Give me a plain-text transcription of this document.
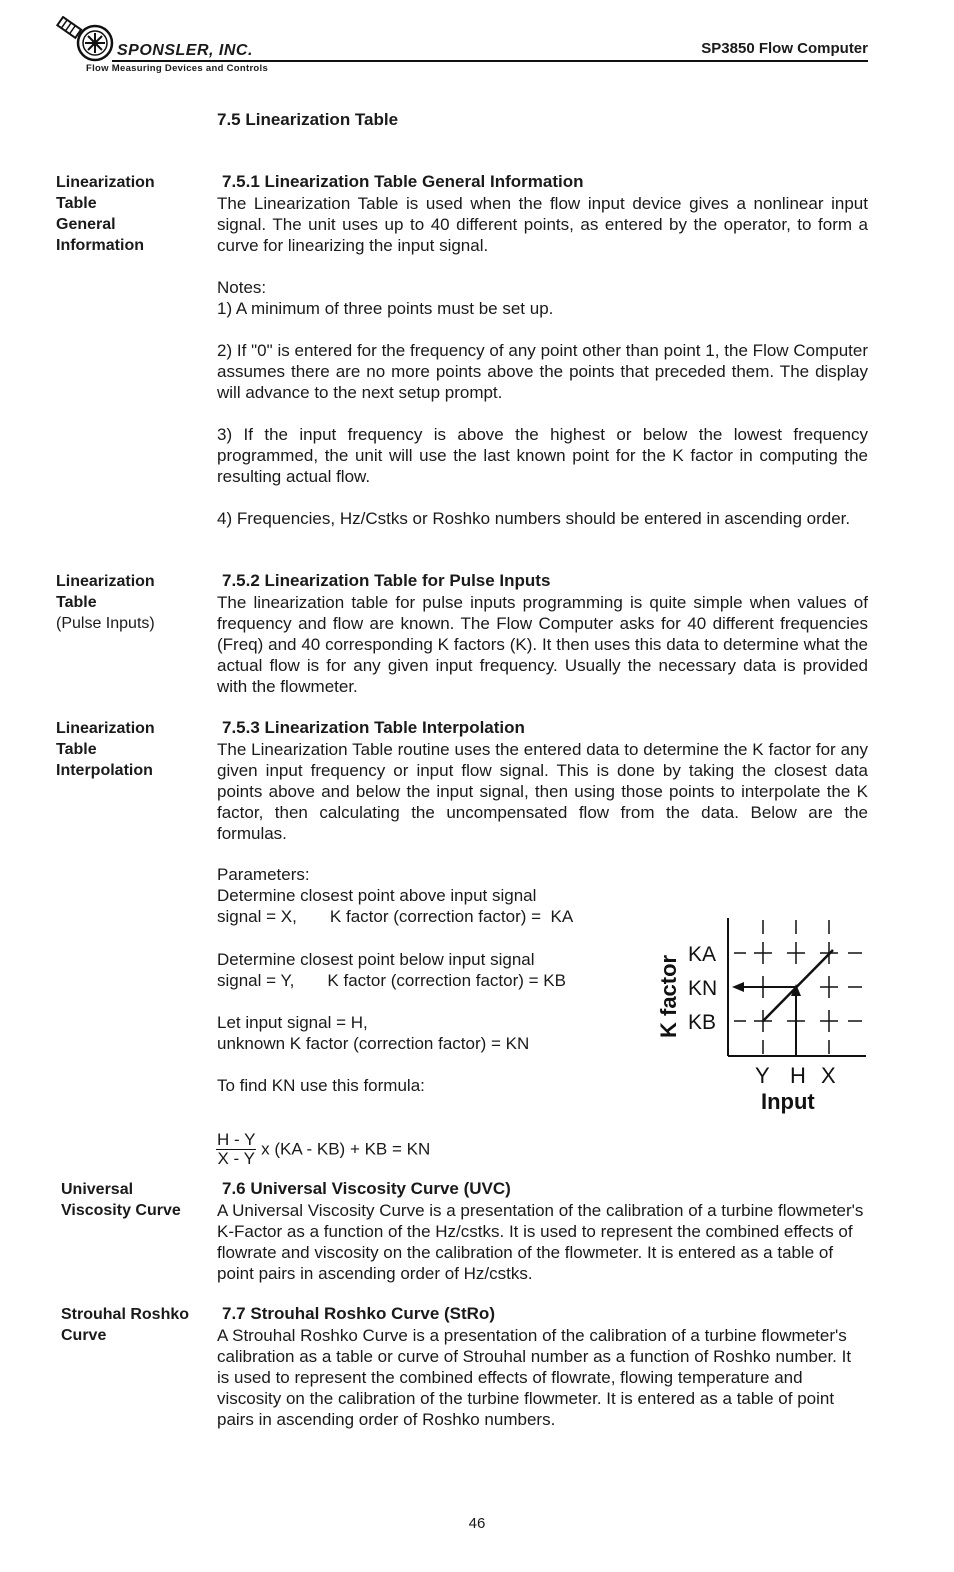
SPONSLER, INC.
Flow Measuring Devices and Controls
SP3850 Flow Computer
7.5 Linearization Table
Linearization
Table
General
Information
7.5.1 Linearization Table General Information

The Linearization Table is used when the flow input device gives a nonlinear input signal. The unit uses up to 40 different points, as entered by the operator, to form a curve for linearizing the input signal.

Notes:

1) A minimum of three points must be set up.

2) If "0" is entered for the frequency of any point other than point 1, the Flow Computer assumes there are no more points above the points that preceded them. The display will advance to the next setup prompt.
3) If the input frequency is above the highest or below the lowest frequency programmed, the unit will use the last known point for the K factor in computing the resulting actual flow.
4) Frequencies, Hz/Cstks or Roshko numbers should be entered in ascending order.
Linearization
Table
(Pulse Inputs)
7.5.2 Linearization Table for Pulse Inputs
The linearization table for pulse inputs programming is quite simple when values of frequency and flow are known. The Flow Computer asks for 40 different frequencies (Freq) and 40 corresponding K factors (K). It then uses this data to determine what the actual flow is for any given input frequency. Usually the necessary data is provided with the flowmeter.
Linearization
Table
Interpolation
7.5.3 Linearization Table Interpolation
The Linearization Table routine uses the entered data to determine the K factor for any given input frequency or input flow signal. This is done by taking the closest data points above and below the input signal, then using those points to interpolate the K factor, then calculating the uncompensated flow from the data. Below are the formulas.
Parameters:
Determine closest point above input signal
signal = X,       K factor (correction factor) =  KA
Determine closest point below input signal
signal = Y,       K factor (correction factor) = KB
Let input signal = H,
unknown K factor (correction factor) = KN
To find KN use this formula:
$\frac{H - Y}{X - Y}$ x (KA - KB) + KB = KN
K factor
KA
KN
KB
Y H X
Input
Universal
Viscosity Curve
7.6 Universal Viscosity Curve (UVC)
A Universal Viscosity Curve is a presentation of the calibration of a turbine flowmeter's K-Factor as a function of the Hz/cstks. It is used to represent the combined effects of flowrate and viscosity on the calibration of the flowmeter. It is entered as a table of point pairs in ascending order of Hz/cstks.
Strouhal Roshko
Curve
7.7 Strouhal Roshko Curve (StRo)
A Strouhal Roshko Curve is a presentation of the calibration of a turbine flowmeter's calibration as a table or curve of Strouhal number as a function of Roshko number. It is used to represent the combined effects of flowrate, flowing temperature and viscosity on the calibration of the turbine flowmeter. It is entered as a table of point pairs in ascending order of Roshko numbers.
46
